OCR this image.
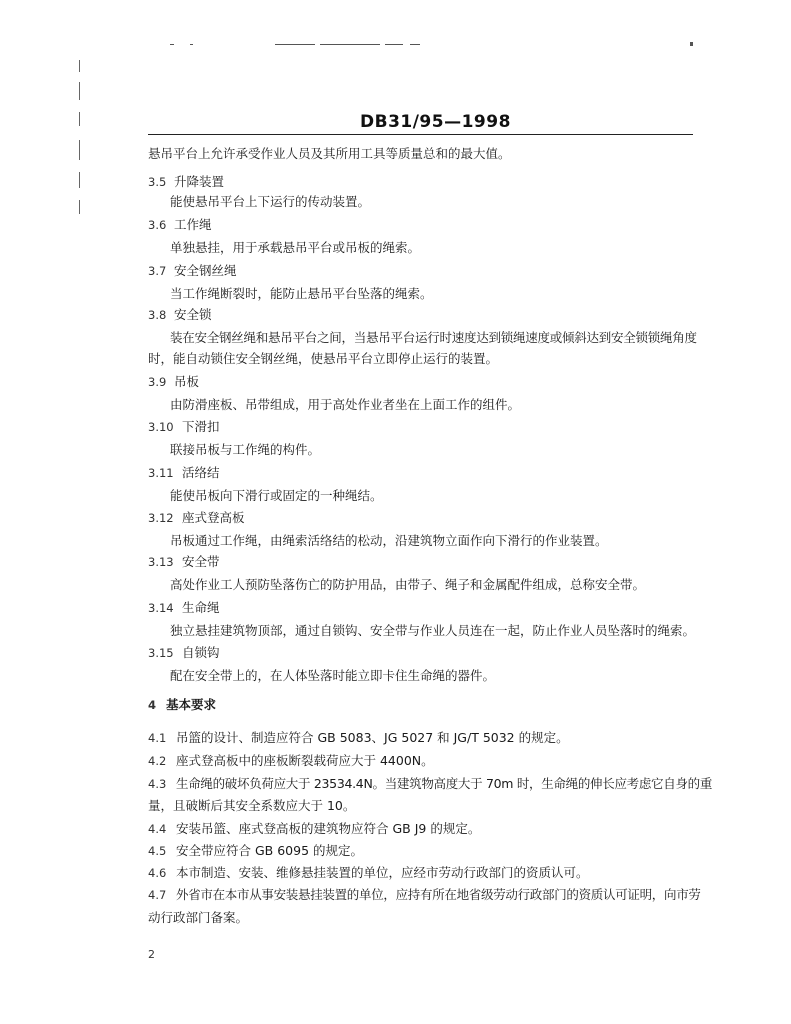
DB31/95—1998
悬吊平台上允许承受作业人员及其所用工具等质量总和的最大值。
3.5 升降装置
能使悬吊平台上下运行的传动装置。
3.6 工作绳
单独悬挂，用于承载悬吊平台或吊板的绳索。
3.7 安全钢丝绳
当工作绳断裂时，能防止悬吊平台坠落的绳索。
3.8 安全锁
装在安全钢丝绳和悬吊平台之间，当悬吊平台运行时速度达到锁绳速度或倾斜达到安全锁锁绳角度
时，能自动锁住安全钢丝绳，使悬吊平台立即停止运行的装置。
3.9 吊板
由防滑座板、吊带组成，用于高处作业者坐在上面工作的组件。
3.10 下滑扣
联接吊板与工作绳的构件。
3.11 活络结
能使吊板向下滑行或固定的一种绳结。
3.12 座式登高板
吊板通过工作绳，由绳索活络结的松动，沿建筑物立面作向下滑行的作业装置。
3.13 安全带
高处作业工人预防坠落伤亡的防护用品，由带子、绳子和金属配件组成，总称安全带。
3.14 生命绳
独立悬挂建筑物顶部，通过自锁钩、安全带与作业人员连在一起，防止作业人员坠落时的绳索。
3.15 自锁钩
配在安全带上的，在人体坠落时能立即卡住生命绳的器件。
4 基本要求
4.1 吊篮的设计、制造应符合 GB 5083、JG 5027 和 JG/T 5032 的规定。
4.2 座式登高板中的座板断裂载荷应大于 4400N。
4.3 生命绳的破坏负荷应大于 23534.4N。当建筑物高度大于 70m 时，生命绳的伸长应考虑它自身的重
量，且破断后其安全系数应大于 10。
4.4 安装吊篮、座式登高板的建筑物应符合 GB J9 的规定。
4.5 安全带应符合 GB 6095 的规定。
4.6 本市制造、安装、维修悬挂装置的单位，应经市劳动行政部门的资质认可。
4.7 外省市在本市从事安装悬挂装置的单位，应持有所在地省级劳动行政部门的资质认可证明，向市劳
动行政部门备案。
2
